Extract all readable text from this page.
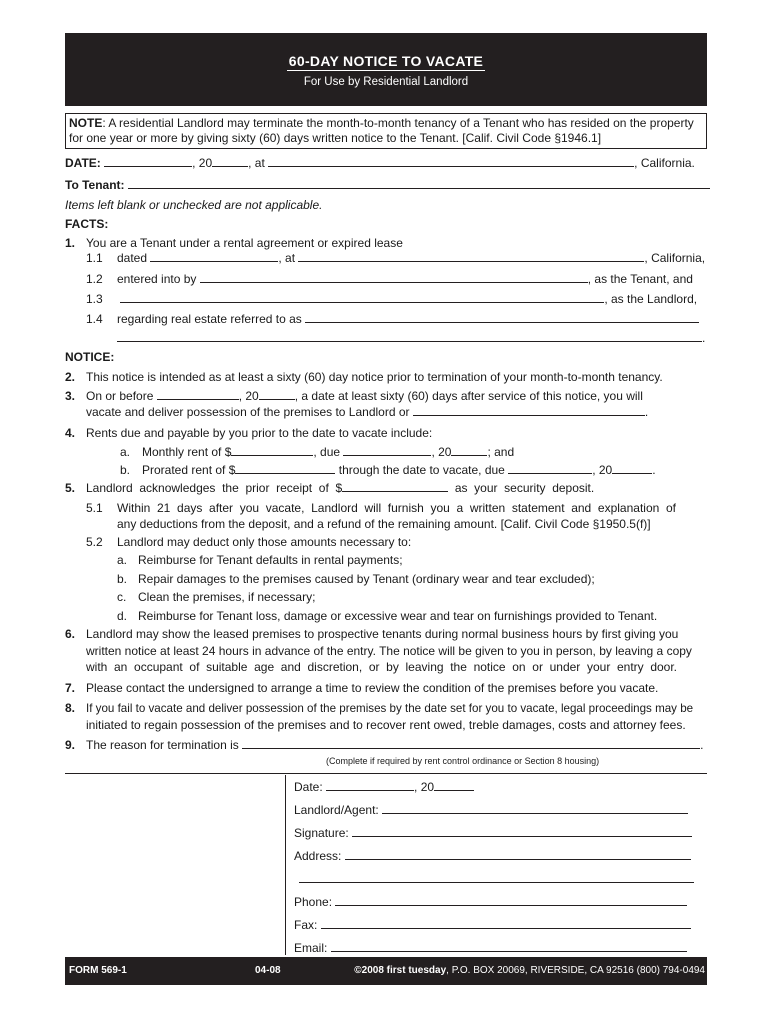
60-DAY NOTICE TO VACATE
For Use by Residential Landlord
NOTE: A residential Landlord may terminate the month-to-month tenancy of a Tenant who has resided on the property for one year or more by giving sixty (60) days written notice to the Tenant. [Calif. Civil Code §1946.1]
DATE:	, 20	, at	, California.
To Tenant:
Items left blank or unchecked are not applicable.
FACTS:
1. You are a Tenant under a rental agreement or expired lease
1.1 dated	, at	, California,
1.2 entered into by	, as the Tenant, and
1.3	, as the Landlord,
1.4 regarding real estate referred to as
.
NOTICE:
2. This notice is intended as at least a sixty (60) day notice prior to termination of your month-to-month tenancy.
3. On or before	, 20	, a date at least sixty (60) days after service of this notice, you will
vacate and deliver possession of the premises to Landlord or	.
4. Rents due and payable by you prior to the date to vacate include:
a. Monthly rent of $	, due	, 20	; and
b. Prorated rent of $	through the date to vacate, due	, 20	.
5. Landlord  acknowledges  the  prior  receipt  of  $	as  your  security  deposit.
5.1 Within  21  days  after  you  vacate,  Landlord  will  furnish  you  a  written  statement  and  explanation  of
any deductions from the deposit, and a refund of the remaining amount. [Calif. Civil Code §1950.5(f)]
5.2 Landlord may deduct only those amounts necessary to:
a. Reimburse for Tenant defaults in rental payments;
b. Repair damages to the premises caused by Tenant (ordinary wear and tear excluded);
c. Clean the premises, if necessary;
d. Reimburse for Tenant loss, damage or excessive wear and tear on furnishings provided to Tenant.
6. Landlord may show the leased premises to prospective tenants during normal business hours by first giving you
written notice at least 24 hours in advance of the entry. The notice will be given to you in person, by leaving a copy
with  an  occupant  of  suitable  age  and  discretion,  or  by  leaving  the  notice  on  or  under  your  entry  door.
7. Please contact the undersigned to arrange a time to review the condition of the premises before you vacate.
8. If you fail to vacate and deliver possession of the premises by the date set for you to vacate, legal proceedings may be
initiated to regain possession of the premises and to recover rent owed, treble damages, costs and attorney fees.
9. The reason for termination is	.
(Complete if required by rent control ordinance or Section 8 housing)
Date:	, 20
Landlord/Agent:
Signature:
Address:
Phone:
Fax:
Email:
FORM 569-1	04-08	©2008 first tuesday, P.O. BOX 20069, RIVERSIDE, CA 92516 (800) 794-0494
